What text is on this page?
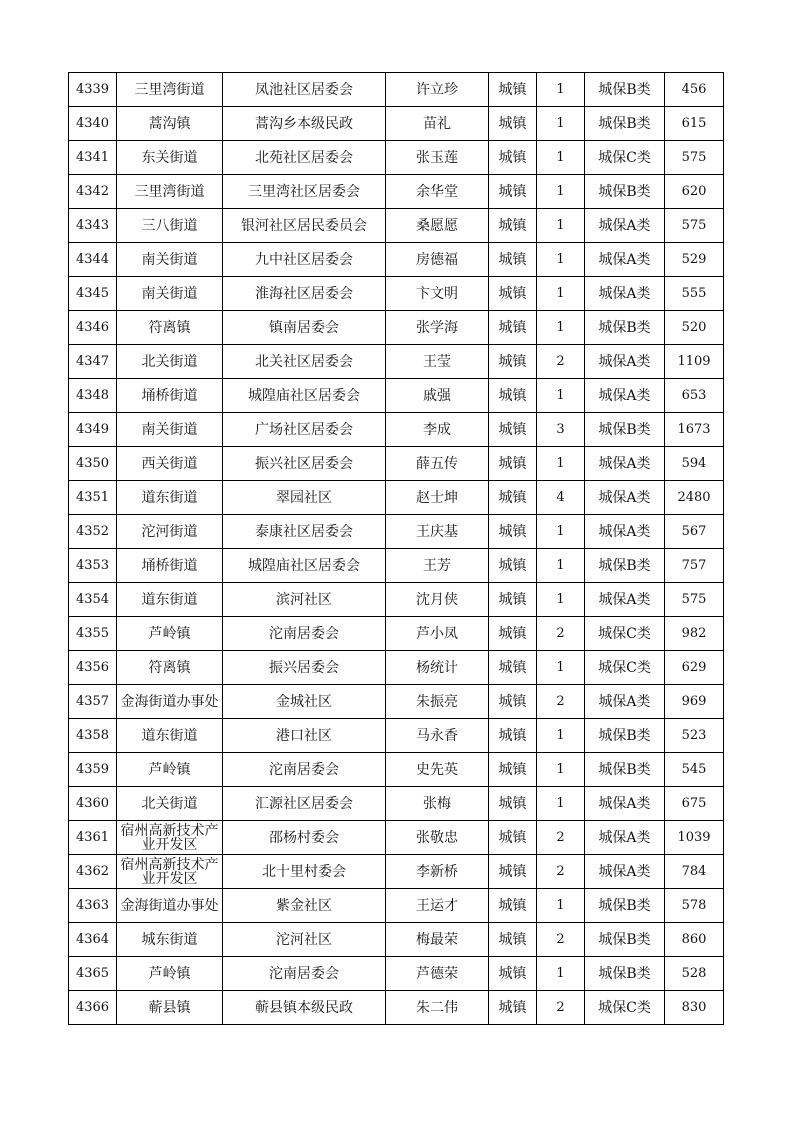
4339	三里湾街道	凤池社区居委会	许立珍	城镇	1	城保B类	456
4340	蒿沟镇	蒿沟乡本级民政	苗礼	城镇	1	城保B类	615
4341	东关街道	北苑社区居委会	张玉莲	城镇	1	城保C类	575
4342	三里湾街道	三里湾社区居委会	余华堂	城镇	1	城保B类	620
4343	三八街道	银河社区居民委员会	桑愿愿	城镇	1	城保A类	575
4344	南关街道	九中社区居委会	房德福	城镇	1	城保A类	529
4345	南关街道	淮海社区居委会	卞文明	城镇	1	城保A类	555
4346	符离镇	镇南居委会	张学海	城镇	1	城保B类	520
4347	北关街道	北关社区居委会	王莹	城镇	2	城保A类	1109
4348	埇桥街道	城隍庙社区居委会	戚强	城镇	1	城保A类	653
4349	南关街道	广场社区居委会	李成	城镇	3	城保B类	1673
4350	西关街道	振兴社区居委会	薛五传	城镇	1	城保A类	594
4351	道东街道	翠园社区	赵士坤	城镇	4	城保A类	2480
4352	沱河街道	泰康社区居委会	王庆基	城镇	1	城保A类	567
4353	埇桥街道	城隍庙社区居委会	王芳	城镇	1	城保B类	757
4354	道东街道	滨河社区	沈月侠	城镇	1	城保A类	575
4355	芦岭镇	沱南居委会	芦小凤	城镇	2	城保C类	982
4356	符离镇	振兴居委会	杨统计	城镇	1	城保C类	629
4357	金海街道办事处	金城社区	朱振亮	城镇	2	城保A类	969
4358	道东街道	港口社区	马永香	城镇	1	城保B类	523
4359	芦岭镇	沱南居委会	史先英	城镇	1	城保B类	545
4360	北关街道	汇源社区居委会	张梅	城镇	1	城保A类	675
4361	宿州高新技术产业开发区	邵杨村委会	张敬忠	城镇	2	城保A类	1039
4362	宿州高新技术产业开发区	北十里村委会	李新桥	城镇	2	城保A类	784
4363	金海街道办事处	紫金社区	王运才	城镇	1	城保B类	578
4364	城东街道	沱河社区	梅最荣	城镇	2	城保B类	860
4365	芦岭镇	沱南居委会	芦德荣	城镇	1	城保B类	528
4366	蕲县镇	蕲县镇本级民政	朱二伟	城镇	2	城保C类	830
